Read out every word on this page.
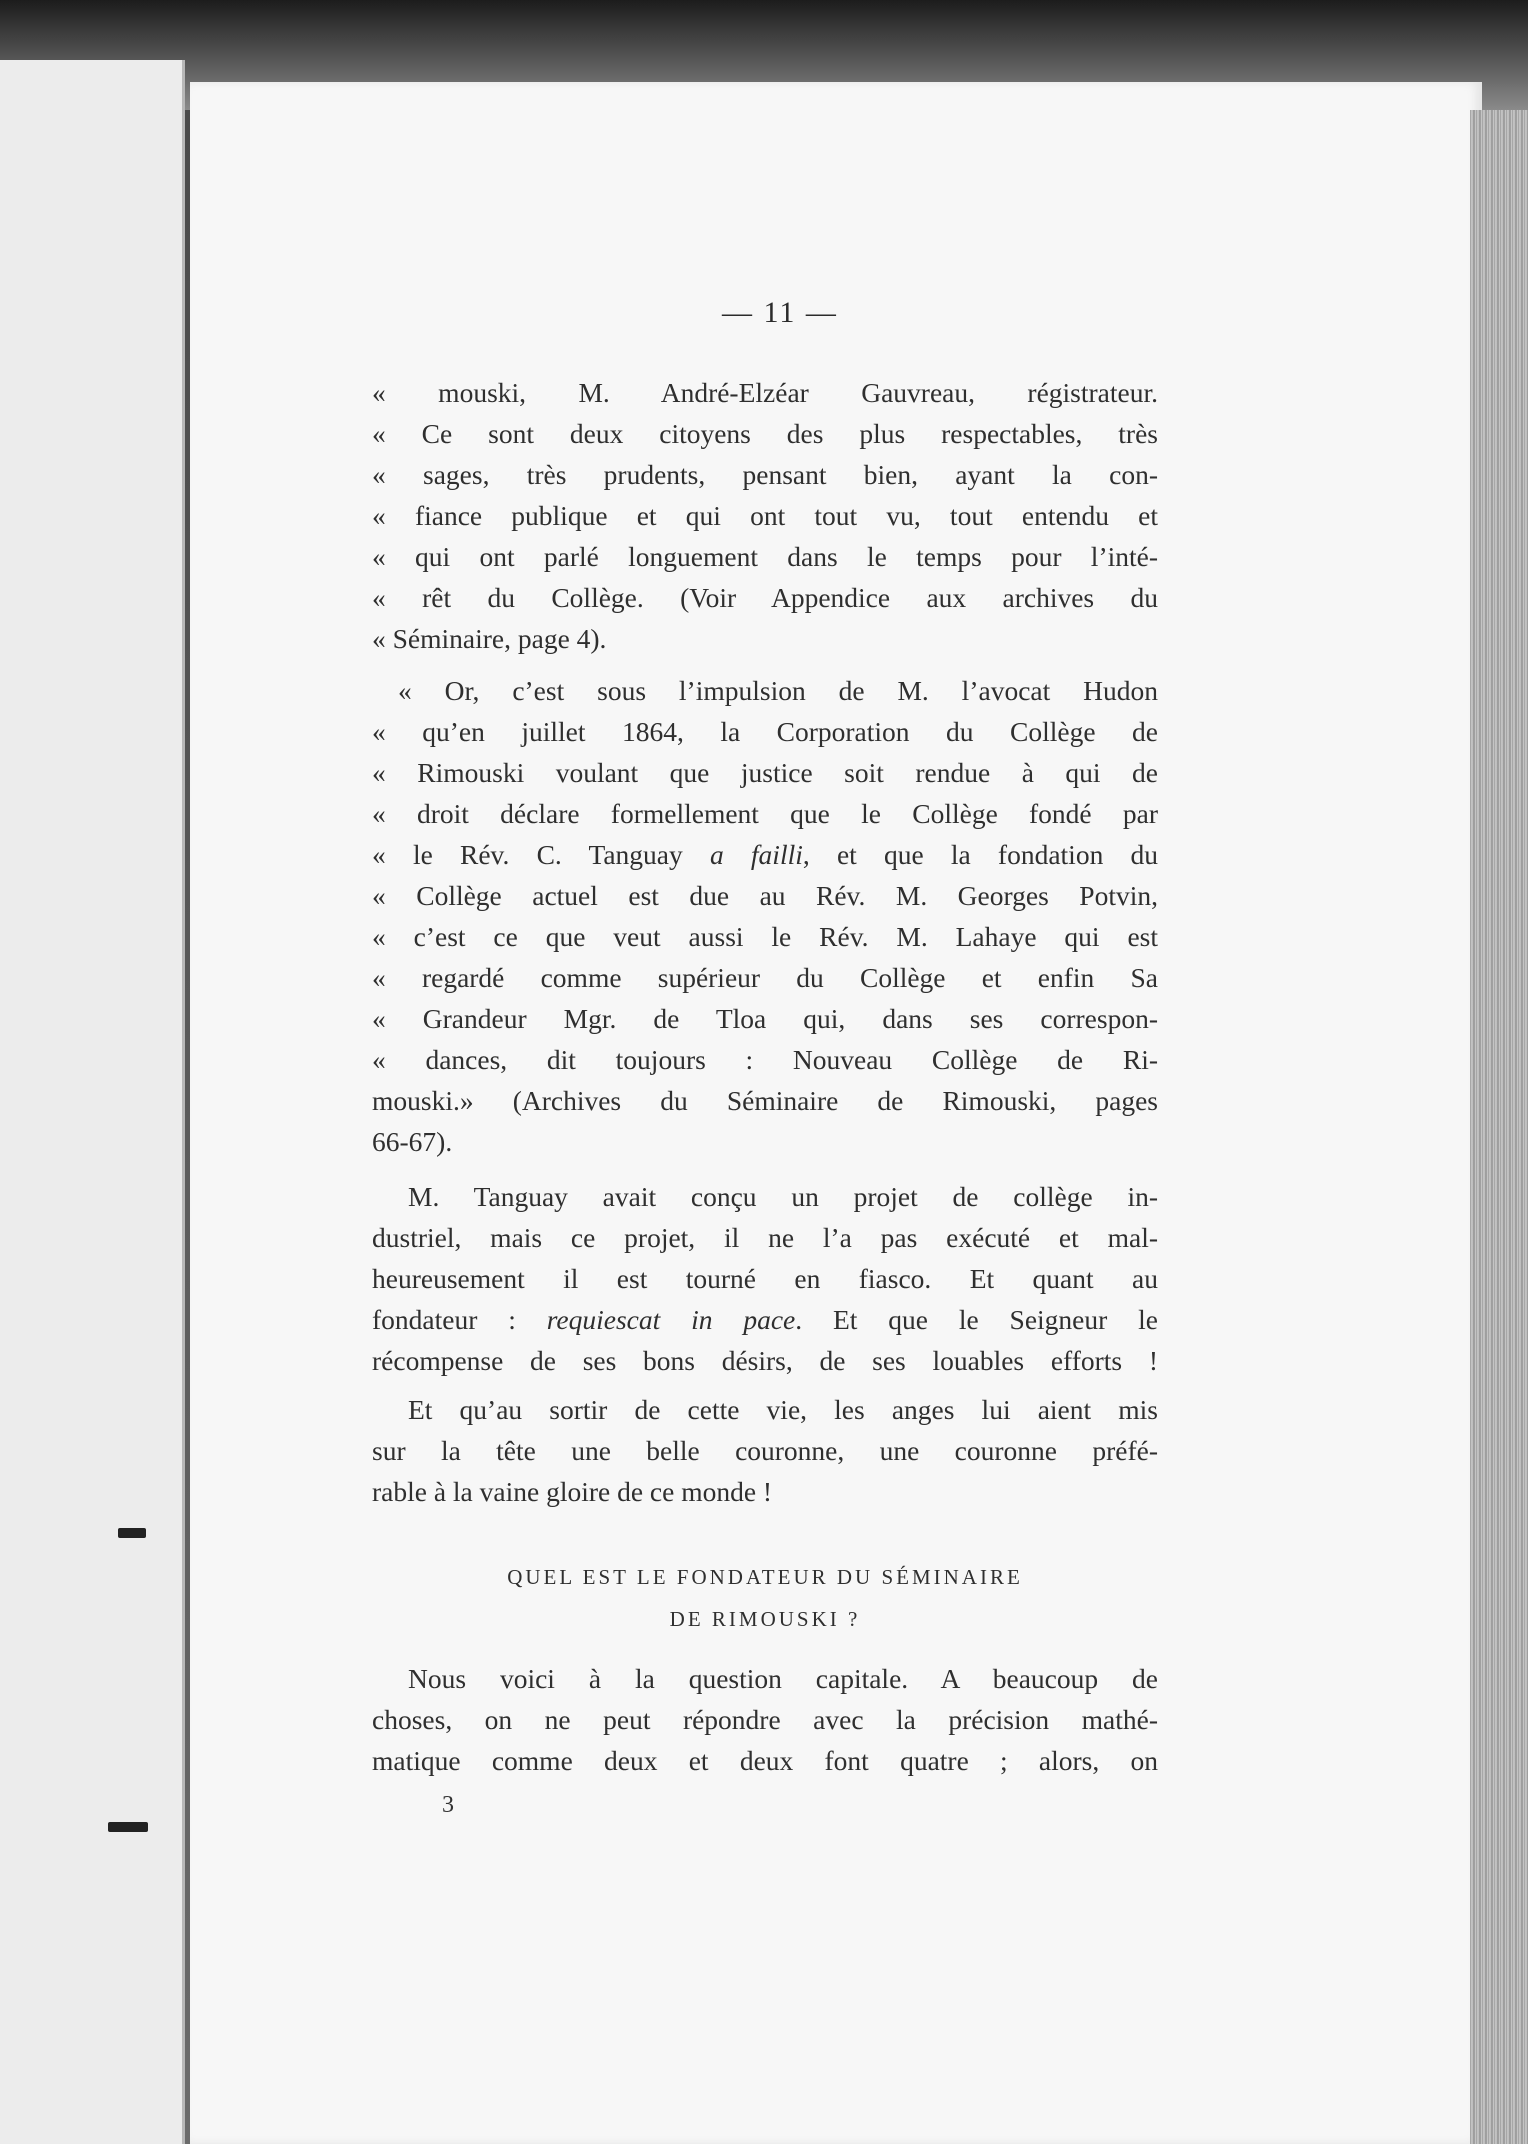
— 11 —
« mouski, M. André-Elzéar Gauvreau, régistrateur.
« Ce sont deux citoyens des plus respectables, très
« sages, très prudents, pensant bien, ayant la con-
« fiance publique et qui ont tout vu, tout entendu et
« qui ont parlé longuement dans le temps pour l’inté-
« rêt du Collège. (Voir Appendice aux archives du
« Séminaire, page 4).
« Or, c’est sous l’impulsion de M. l’avocat Hudon
« qu’en juillet 1864, la Corporation du Collège de
« Rimouski voulant que justice soit rendue à qui de
« droit déclare formellement que le Collège fondé par
« le Rév. C. Tanguay a failli, et que la fondation du
« Collège actuel est due au Rév. M. Georges Potvin,
« c’est ce que veut aussi le Rév. M. Lahaye qui est
« regardé comme supérieur du Collège et enfin Sa
« Grandeur Mgr. de Tloa qui, dans ses correspon-
« dances, dit toujours : Nouveau Collège de Ri-
mouski.» (Archives du Séminaire de Rimouski, pages
66-67).
M. Tanguay avait conçu un projet de collège in-
dustriel, mais ce projet, il ne l’a pas exécuté et mal-
heureusement il est tourné en fiasco. Et quant au
fondateur : requiescat in pace. Et que le Seigneur le
récompense de ses bons désirs, de ses louables efforts !
Et qu’au sortir de cette vie, les anges lui aient mis
sur la tête une belle couronne, une couronne préfé-
rable à la vaine gloire de ce monde !
QUEL EST LE FONDATEUR DU SÉMINAIRE
DE RIMOUSKI ?
Nous voici à la question capitale. A beaucoup de
choses, on ne peut répondre avec la précision mathé-
matique comme deux et deux font quatre ; alors, on
3
